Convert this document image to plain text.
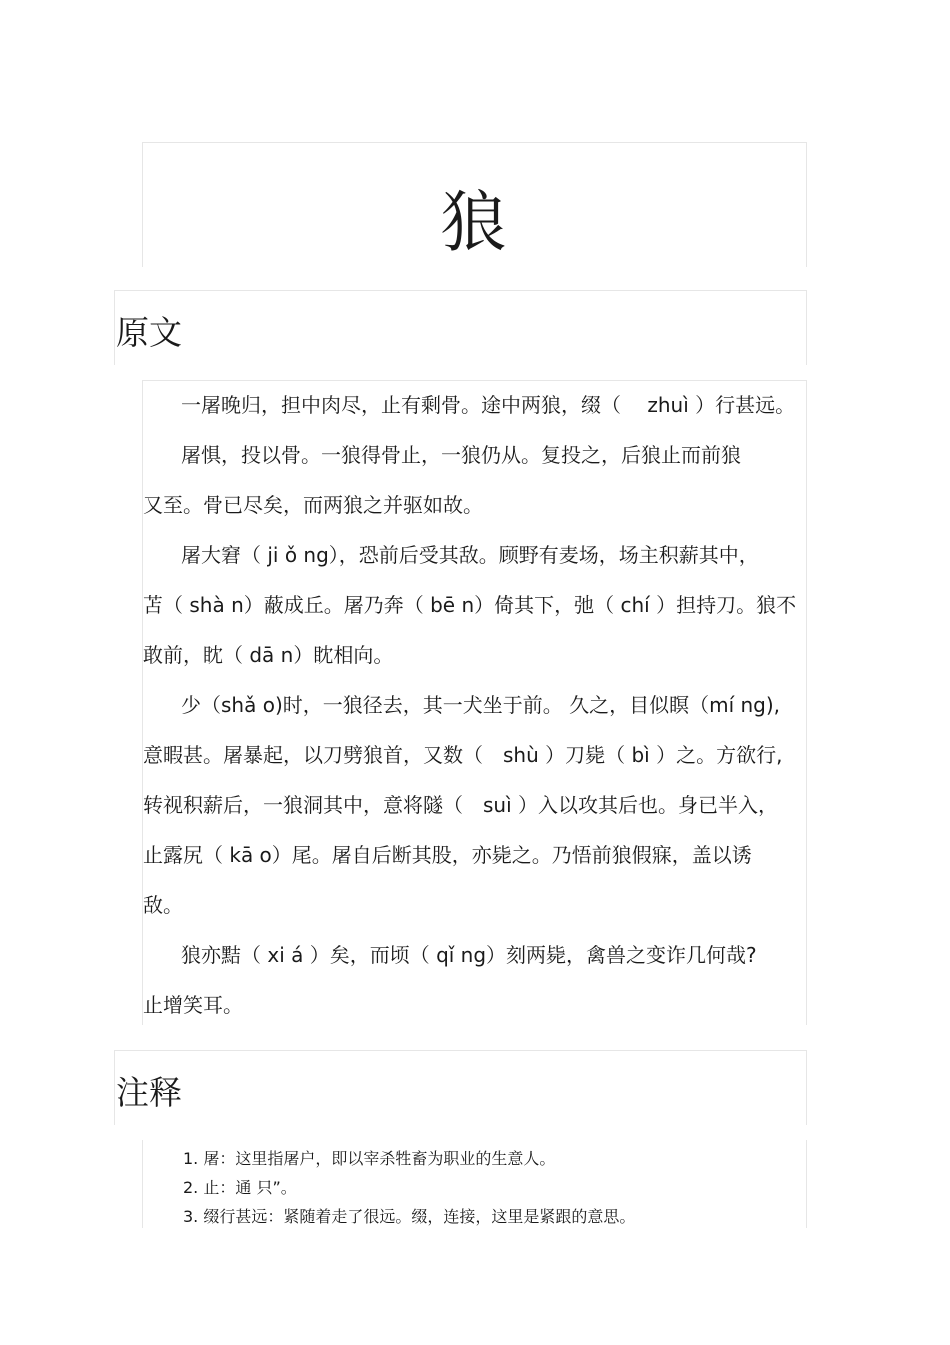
狼
原文
一屠晚归，担中肉尽，止有剩骨。途中两狼，缀（　 zhuì ）行甚远。
屠惧，投以骨。一狼得骨止，一狼仍从。复投之，后狼止而前狼
又至。骨已尽矣，而两狼之并驱如故。
屠大窘（ ji ǒ ng），恐前后受其敌。顾野有麦场，场主积薪其中，
苫（ shà n）蔽成丘。屠乃奔（ bē n）倚其下，弛（ chí ）担持刀。狼不
敢前，眈（ dā n）眈相向。
少（shǎ o)时，一狼径去，其一犬坐于前。 久之，目似瞑（mí ng),
意暇甚。屠暴起，以刀劈狼首，又数（　shù ）刀毙（ bì ）之。方欲行,
转视积薪后，一狼洞其中，意将隧（　suì ）入以攻其后也。身已半入，
止露尻（ kā o）尾。屠自后断其股，亦毙之。乃悟前狼假寐，盖以诱
敌。
狼亦黠（ xi á ）矣，而顷（ qǐ ng）刻两毙，禽兽之变诈几何哉?
止增笑耳。
注释
1. 屠：这里指屠户，即以宰杀牲畜为职业的生意人。
2. 止：通 只”。
3. 缀行甚远：紧随着走了很远。缀，连接，这里是紧跟的意思。
